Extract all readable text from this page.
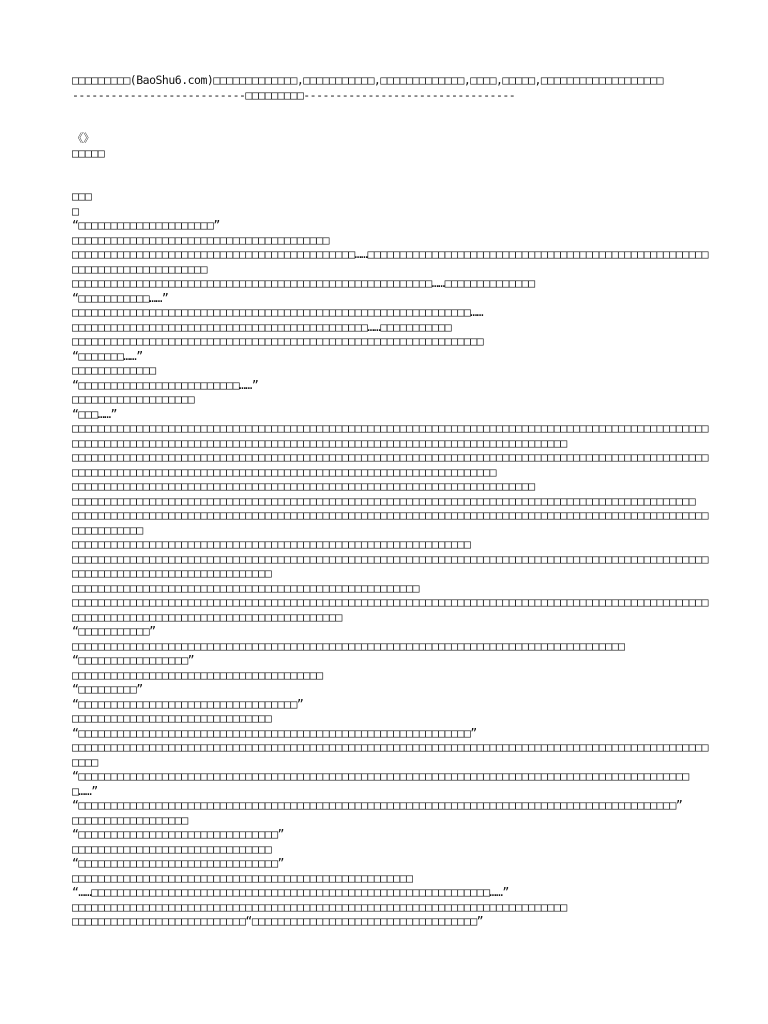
□□□□□□□□□(BaoShu6.com)□□□□□□□□□□□□□,□□□□□□□□□□□,□□□□□□□□□□□□□,□□□□,□□□□□,□□□□□□□□□□□□□□□□□□□
---------------------------□□□□□□□□□---------------------------------
《》
□□□□□
□□□
□
“□□□□□□□□□□□□□□□□□□□□□”
□□□□□□□□□□□□□□□□□□□□□□□□□□□□□□□□□□□□□□□□
□□□□□□□□□□□□□□□□□□□□□□□□□□□□□□□□□□□□□□□□□□□□……□□□□□□□□□□□□□□□□□□□□□□□□□□□□□□□□□□□□□□□□□□□□□□□□□□□□□□□□□□□□□□□□□□□□□□□□□□
□□□□□□□□□□□□□□□□□□□□□□□□□□□□□□□□□□□□□□□□□□□□□□□□□□□□□□□□……□□□□□□□□□□□□□□
“□□□□□□□□□□□……”
□□□□□□□□□□□□□□□□□□□□□□□□□□□□□□□□□□□□□□□□□□□□□□□□□□□□□□□□□□□□□□……
□□□□□□□□□□□□□□□□□□□□□□□□□□□□□□□□□□□□□□□□□□□□□□……□□□□□□□□□□□
□□□□□□□□□□□□□□□□□□□□□□□□□□□□□□□□□□□□□□□□□□□□□□□□□□□□□□□□□□□□□□□□
“□□□□□□□……”
□□□□□□□□□□□□□
“□□□□□□□□□□□□□□□□□□□□□□□□□……”
□□□□□□□□□□□□□□□□□□□
“□□□……”
□□□□□□□□□□□□□□□□□□□□□□□□□□□□□□□□□□□□□□□□□□□□□□□□□□□□□□□□□□□□□□□□□□□□□□□□□□□□□□□□□□□□□□□□□□□□□□□□□□□□□□□□□□□□□□□□□□□□□□□□□□□□□□□□□□□□□□□□□□□□□□□□□□□□□□□□□□□□□□□□□□□□□□□□□□□□□□□□
□□□□□□□□□□□□□□□□□□□□□□□□□□□□□□□□□□□□□□□□□□□□□□□□□□□□□□□□□□□□□□□□□□□□□□□□□□□□□□□□□□□□□□□□□□□□□□□□□□□□□□□□□□□□□□□□□□□□□□□□□□□□□□□□□□□□□□□□□□□□□□□□□□□□□□□□□□□□□□□□□□□□□
□□□□□□□□□□□□□□□□□□□□□□□□□□□□□□□□□□□□□□□□□□□□□□□□□□□□□□□□□□□□□□□□□□□□□□□□
□□□□□□□□□□□□□□□□□□□□□□□□□□□□□□□□□□□□□□□□□□□□□□□□□□□□□□□□□□□□□□□□□□□□□□□□□□□□□□□□□□□□□□□□□□□□□□□□□
□□□□□□□□□□□□□□□□□□□□□□□□□□□□□□□□□□□□□□□□□□□□□□□□□□□□□□□□□□□□□□□□□□□□□□□□□□□□□□□□□□□□□□□□□□□□□□□□□□□□□□□□□□□□□□
□□□□□□□□□□□□□□□□□□□□□□□□□□□□□□□□□□□□□□□□□□□□□□□□□□□□□□□□□□□□□□
□□□□□□□□□□□□□□□□□□□□□□□□□□□□□□□□□□□□□□□□□□□□□□□□□□□□□□□□□□□□□□□□□□□□□□□□□□□□□□□□□□□□□□□□□□□□□□□□□□□□□□□□□□□□□□□□□□□□□□□□□□□□□□□□□□
□□□□□□□□□□□□□□□□□□□□□□□□□□□□□□□□□□□□□□□□□□□□□□□□□□□□□□
□□□□□□□□□□□□□□□□□□□□□□□□□□□□□□□□□□□□□□□□□□□□□□□□□□□□□□□□□□□□□□□□□□□□□□□□□□□□□□□□□□□□□□□□□□□□□□□□□□□□□□□□□□□□□□□□□□□□□□□□□□□□□□□□□□□□□□□□□□□□□
“□□□□□□□□□□□”
□□□□□□□□□□□□□□□□□□□□□□□□□□□□□□□□□□□□□□□□□□□□□□□□□□□□□□□□□□□□□□□□□□□□□□□□□□□□□□□□□□□□□□
“□□□□□□□□□□□□□□□□□”
□□□□□□□□□□□□□□□□□□□□□□□□□□□□□□□□□□□□□□□
“□□□□□□□□□”
“□□□□□□□□□□□□□□□□□□□□□□□□□□□□□□□□□□”
□□□□□□□□□□□□□□□□□□□□□□□□□□□□□□□
“□□□□□□□□□□□□□□□□□□□□□□□□□□□□□□□□□□□□□□□□□□□□□□□□□□□□□□□□□□□□□”
□□□□□□□□□□□□□□□□□□□□□□□□□□□□□□□□□□□□□□□□□□□□□□□□□□□□□□□□□□□□□□□□□□□□□□□□□□□□□□□□□□□□□□□□□□□□□□□□□□□□□□□
“□□□□□□□□□□□□□□□□□□□□□□□□□□□□□□□□□□□□□□□□□□□□□□□□□□□□□□□□□□□□□□□□□□□□□□□□□□□□□□□□□□□□□□□□□□□□□□□□……”
“□□□□□□□□□□□□□□□□□□□□□□□□□□□□□□□□□□□□□□□□□□□□□□□□□□□□□□□□□□□□□□□□□□□□□□□□□□□□□□□□□□□□□□□□□□□□□”
□□□□□□□□□□□□□□□□□□
“□□□□□□□□□□□□□□□□□□□□□□□□□□□□□□□”
□□□□□□□□□□□□□□□□□□□□□□□□□□□□□□□
“□□□□□□□□□□□□□□□□□□□□□□□□□□□□□□□”
□□□□□□□□□□□□□□□□□□□□□□□□□□□□□□□□□□□□□□□□□□□□□□□□□□□□□
“……□□□□□□□□□□□□□□□□□□□□□□□□□□□□□□□□□□□□□□□□□□□□□□□□□□□□□□□□□□□□□□……”
□□□□□□□□□□□□□□□□□□□□□□□□□□□□□□□□□□□□□□□□□□□□□□□□□□□□□□□□□□□□□□□□□□□□□□□□□□□□□
□□□□□□□□□□□□□□□□□□□□□□□□□□□“□□□□□□□□□□□□□□□□□□□□□□□□□□□□□□□□□□□”
